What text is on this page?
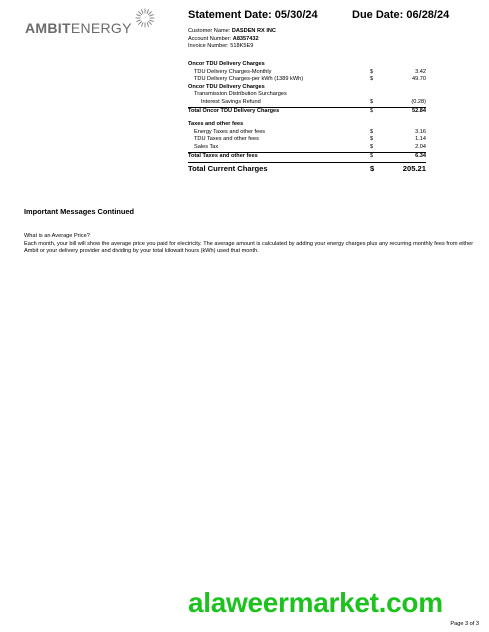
AMBITENERGY
Statement Date: 05/30/24	Due Date: 06/28/24
Customer Name: DASDEN RX INC
Account Number: A8357432
Invoice Number: 518K5E9
Oncor TDU Delivery Charges
TDU Delivery Charges-Monthly	$	3.42
TDU Delivery Charges-per kWh (1389 kWh)	$	49.70
Oncor TDU Delivery Charges
Transmission Distribution Surcharges
Interest Savings Refund	$	(0.28)
Total Oncor TDU Delivery Charges	$	52.84
Taxes and other fees
Energy Taxes and other fees	$	3.16
TDU Taxes and other fees	$	1.14
Sales Tax	$	2.04
Total Taxes and other fees	$	6.34
Total Current Charges	$	205.21
Important Messages Continued
What is an Average Price?
Each month, your bill will show the average price you paid for electricity. The average amount is calculated by adding your energy charges plus any recurring monthly fees from either Ambit or your delivery provider and dividing by your total kilowatt hours (kWh) used that month.
alaweermarket.com
Page 3 of 3
